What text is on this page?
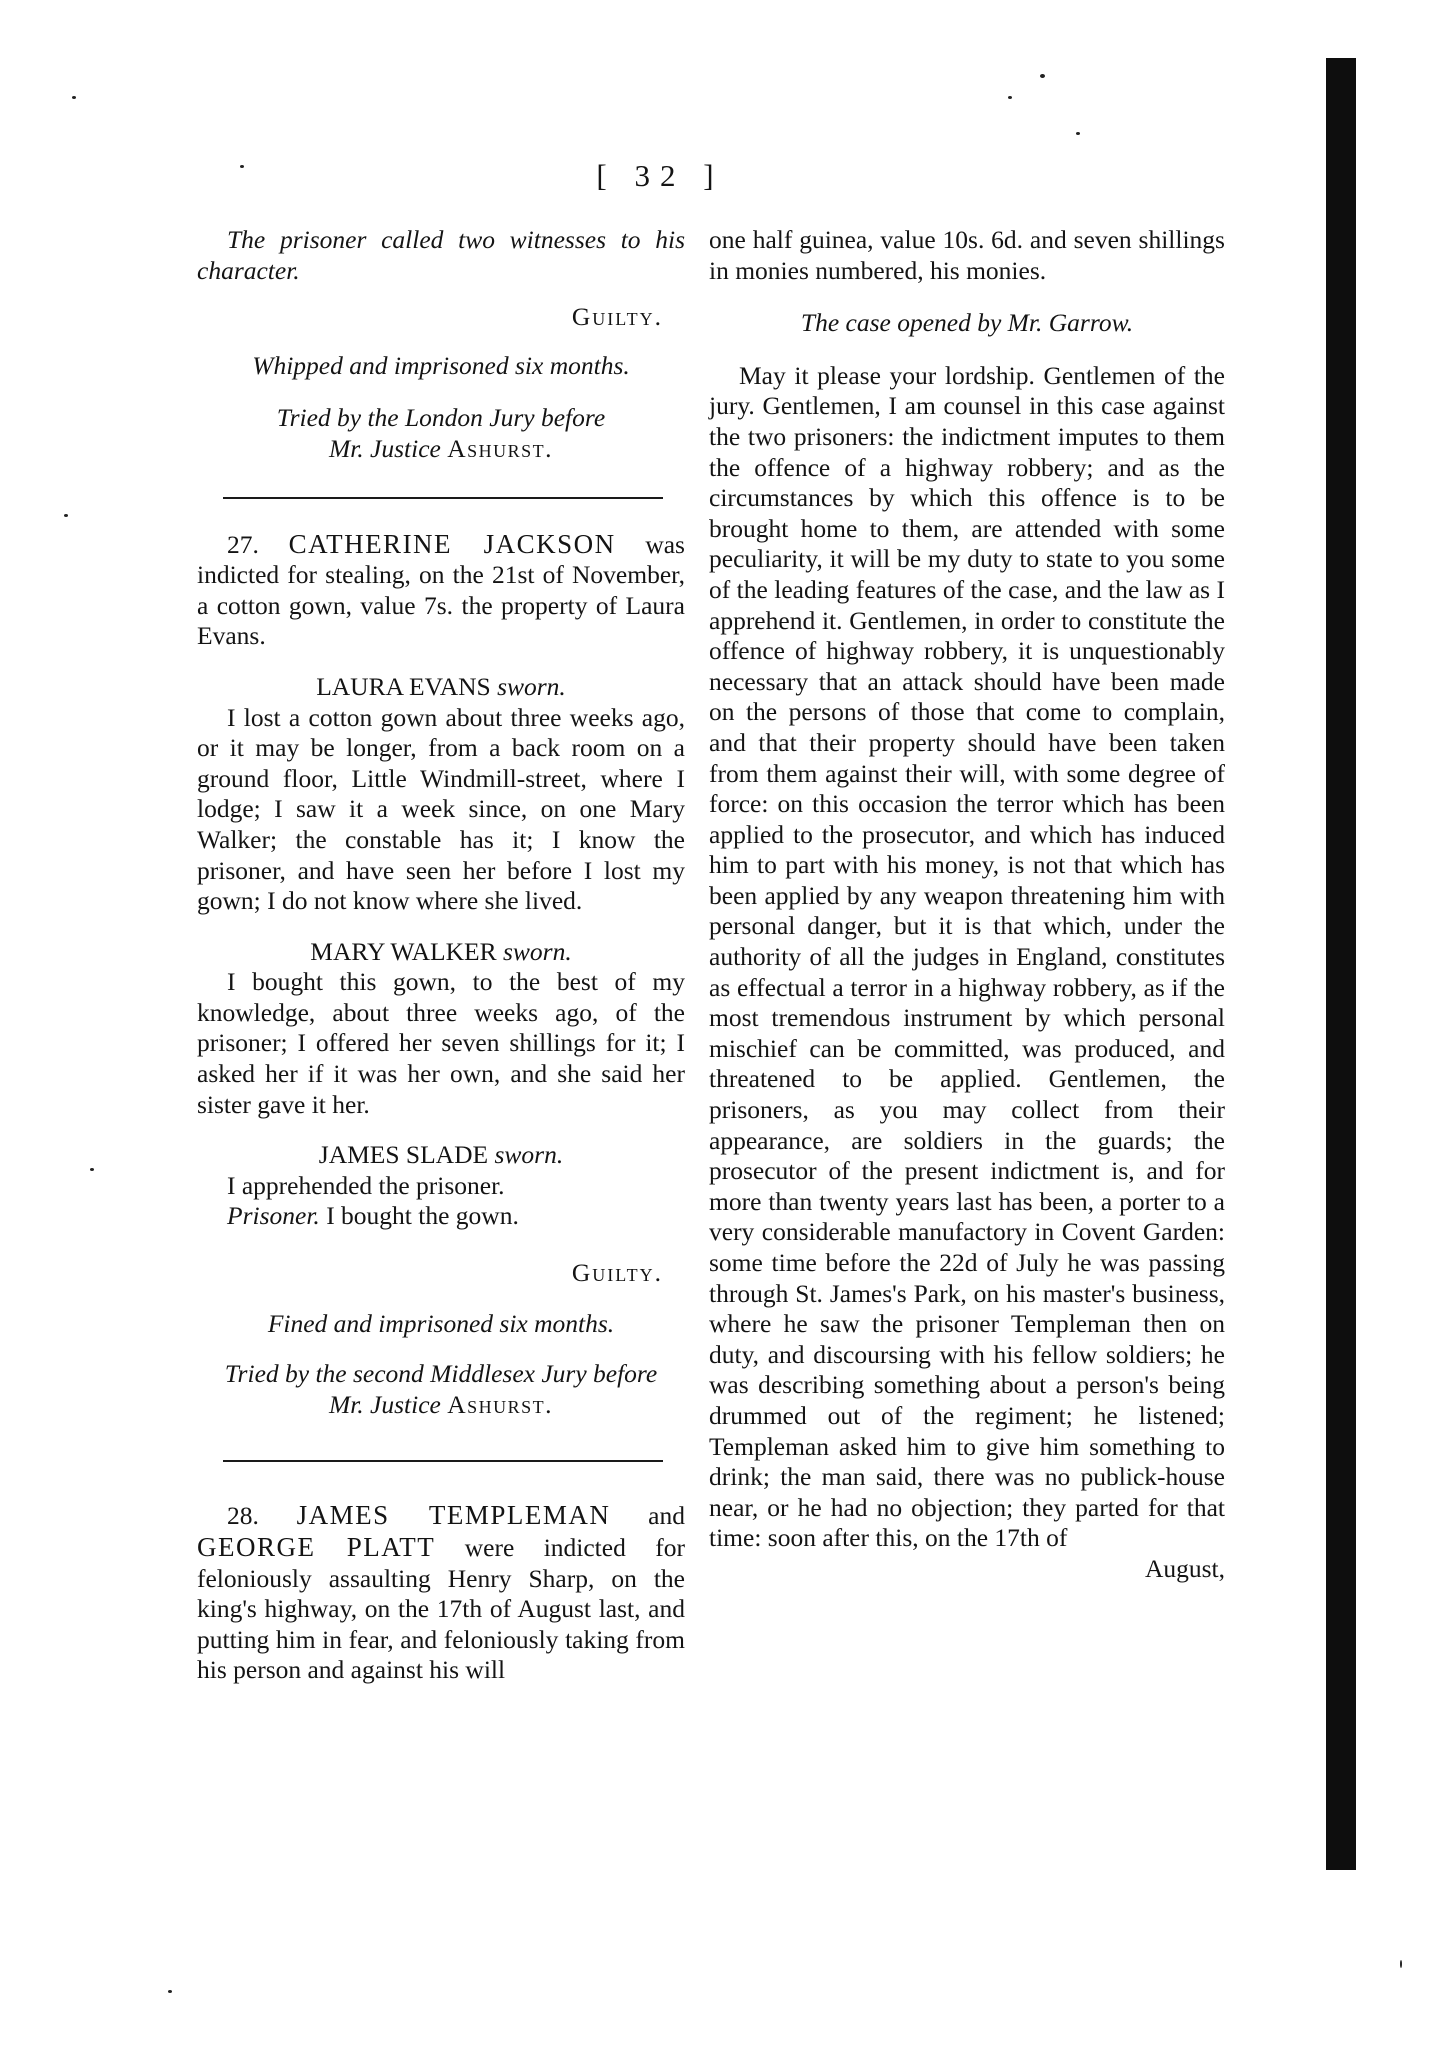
[ 32 ]

The prisoner called two witnesses to his character.

Guilty.

Whipped and imprisoned six months.

Tried by the London Jury before
Mr. Justice Ashurst.

27. CATHERINE JACKSON was indicted for stealing, on the 21st of November, a cotton gown, value 7s. the property of Laura Evans.

LAURA EVANS sworn.

I lost a cotton gown about three weeks ago, or it may be longer, from a back room on a ground floor, Little Windmill-street, where I lodge; I saw it a week since, on one Mary Walker; the constable has it; I know the prisoner, and have seen her before I lost my gown; I do not know where she lived.

MARY WALKER sworn.

I bought this gown, to the best of my knowledge, about three weeks ago, of the prisoner; I offered her seven shillings for it; I asked her if it was her own, and she said her sister gave it her.

JAMES SLADE sworn.

I apprehended the prisoner.

Prisoner. I bought the gown.

Guilty.

Fined and imprisoned six months.

Tried by the second Middlesex Jury before
Mr. Justice Ashurst.

28. JAMES TEMPLEMAN and GEORGE PLATT were indicted for feloniously assaulting Henry Sharp, on the king's highway, on the 17th of August last, and putting him in fear, and feloniously taking from his person and against his will

one half guinea, value 10s. 6d. and seven shillings in monies numbered, his monies.

The case opened by Mr. Garrow.

May it please your lordship. Gentlemen of the jury. Gentlemen, I am counsel in this case against the two prisoners: the indictment imputes to them the offence of a highway robbery; and as the circumstances by which this offence is to be brought home to them, are attended with some peculiarity, it will be my duty to state to you some of the leading features of the case, and the law as I apprehend it. Gentlemen, in order to constitute the offence of highway robbery, it is unquestionably necessary that an attack should have been made on the persons of those that come to complain, and that their property should have been taken from them against their will, with some degree of force: on this occasion the terror which has been applied to the prosecutor, and which has induced him to part with his money, is not that which has been applied by any weapon threatening him with personal danger, but it is that which, under the authority of all the judges in England, constitutes as effectual a terror in a highway robbery, as if the most tremendous instrument by which personal mischief can be committed, was produced, and threatened to be applied. Gentlemen, the prisoners, as you may collect from their appearance, are soldiers in the guards; the prosecutor of the present indictment is, and for more than twenty years last has been, a porter to a very considerable manufactory in Covent Garden: some time before the 22d of July he was passing through St. James's Park, on his master's business, where he saw the prisoner Templeman then on duty, and discoursing with his fellow soldiers; he was describing something about a person's being drummed out of the regiment; he listened; Templeman asked him to give him something to drink; the man said, there was no publick-house near, or he had no objection; they parted for that time: soon after this, on the 17th of

August,
